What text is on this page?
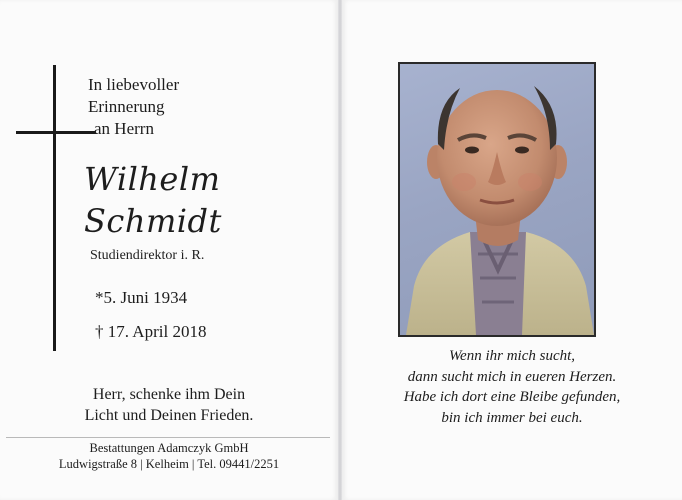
In liebevoller
Erinnerung
an Herrn
Wilhelm
Schmidt
Studiendirektor i. R.
*5. Juni 1934
† 17. April 2018
Herr, schenke ihm Dein
Licht und Deinen Frieden.
Bestattungen Adamczyk GmbH
Ludwigstraße 8 | Kelheim | Tel. 09441/2251
Wenn ihr mich sucht,
dann sucht mich in eueren Herzen.
Habe ich dort eine Bleibe gefunden,
bin ich immer bei euch.
